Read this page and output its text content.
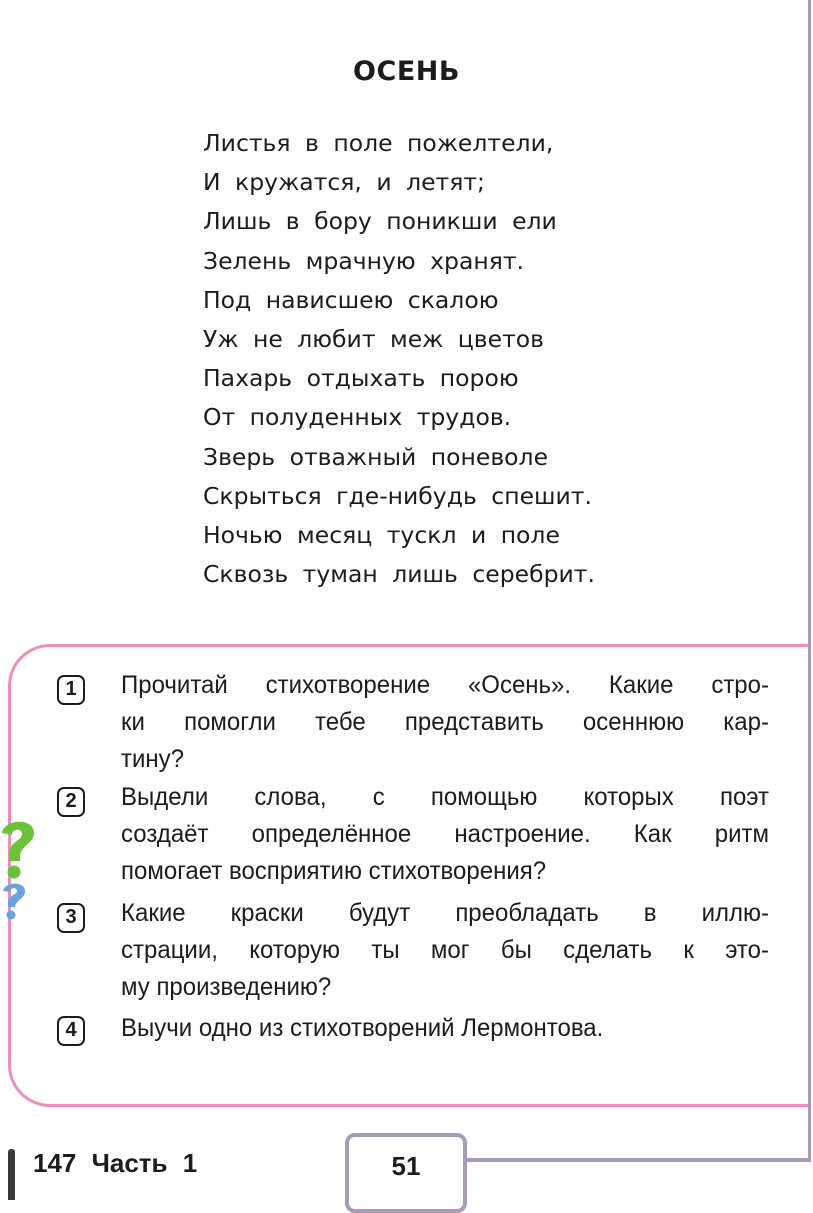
ОСЕНЬ
Листья в поле пожелтели,
И кружатся, и летят;
Лишь в бору поникши ели
Зелень мрачную хранят.
Под нависшею скалою
Уж не любит меж цветов
Пахарь отдыхать порою
От полуденных трудов.
Зверь отважный поневоле
Скрыться где-нибудь спешит.
Ночью месяц тускл и поле
Сквозь туман лишь серебрит.
1	Прочитай стихотворение «Осень». Какие стро-
ки помогли тебе представить осеннюю кар-
тину?
2	Выдели слова, с помощью которых поэт
создаёт определённое настроение. Как ритм
помогает восприятию стихотворения?
3	Какие краски будут преобладать в иллю-
страции, которую ты мог бы сделать к это-
му произведению?
4	Выучи одно из стихотворений Лермонтова.
147 Часть 1	51
